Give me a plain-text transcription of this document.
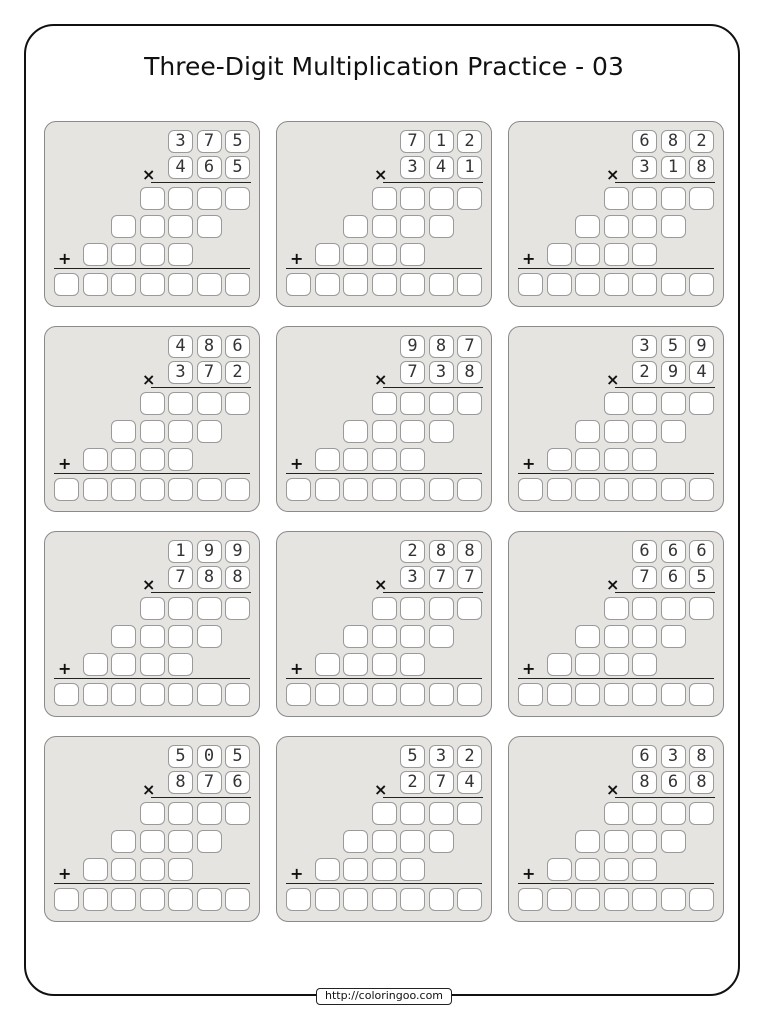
Three-Digit Multiplication Practice - 03
3	7	5
×	4	6	5
+
7	1	2
×	3	4	1
+
6	8	2
×	3	1	8
+
4	8	6
×	3	7	2
+
9	8	7
×	7	3	8
+
3	5	9
×	2	9	4
+
1	9	9
×	7	8	8
+
2	8	8
×	3	7	7
+
6	6	6
×	7	6	5
+
5	0	5
×	8	7	6
+
5	3	2
×	2	7	4
+
6	3	8
×	8	6	8
+
http://coloringoo.com
